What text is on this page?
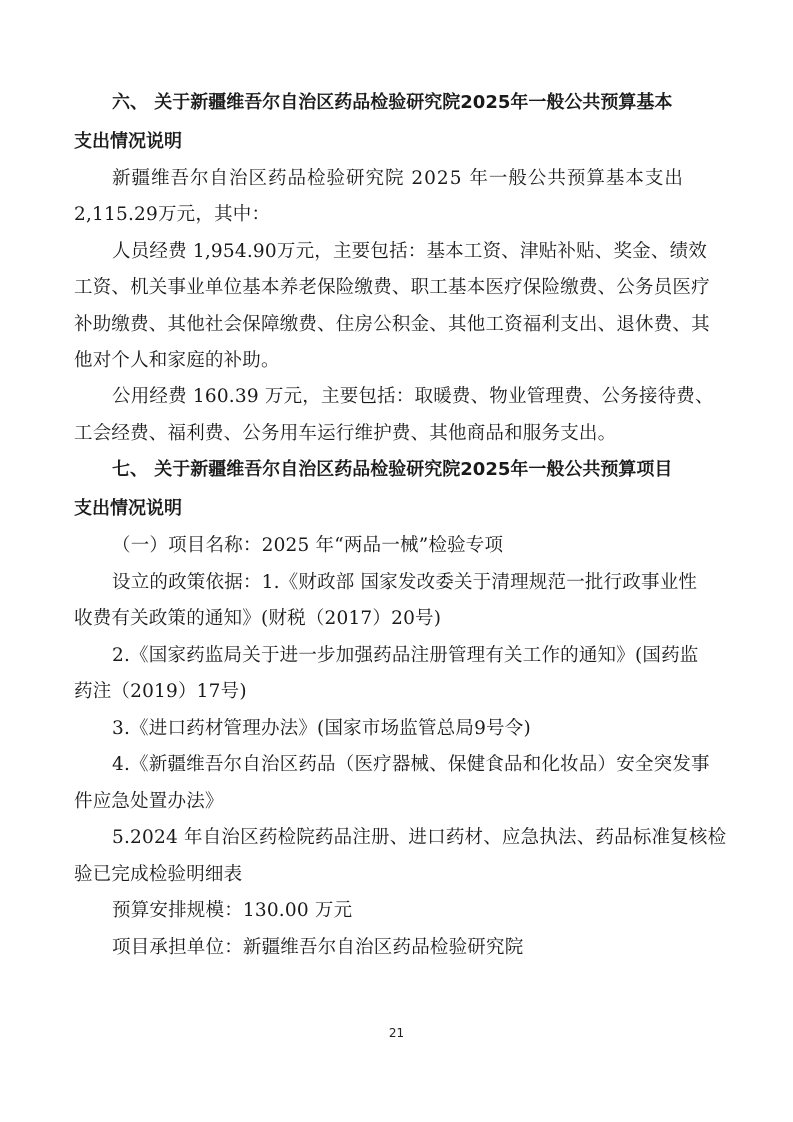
六、 关于新疆维吾尔自治区药品检验研究院2025年一般公共预算基本
支出情况说明
新疆维吾尔自治区药品检验研究院 2025 年一般公共预算基本支出
2,115.29万元，其中：
人员经费 1,954.90万元，主要包括：基本工资、津贴补贴、奖金、绩效
工资、机关事业单位基本养老保险缴费、职工基本医疗保险缴费、公务员医疗
补助缴费、其他社会保障缴费、住房公积金、其他工资福利支出、退休费、其
他对个人和家庭的补助。
公用经费 160.39 万元，主要包括：取暖费、物业管理费、公务接待费、
工会经费、福利费、公务用车运行维护费、其他商品和服务支出。
七、 关于新疆维吾尔自治区药品检验研究院2025年一般公共预算项目
支出情况说明
（一）项目名称：2025 年“两品一械”检验专项
设立的政策依据：1.《财政部 国家发改委关于清理规范一批行政事业性
收费有关政策的通知》(财税（2017）20号)
2.《国家药监局关于进一步加强药品注册管理有关工作的通知》(国药监
药注（2019）17号)
3.《进口药材管理办法》(国家市场监管总局9号令)
4.《新疆维吾尔自治区药品（医疗器械、保健食品和化妆品）安全突发事
件应急处置办法》
5.2024 年自治区药检院药品注册、进口药材、应急执法、药品标准复核检
验已完成检验明细表
预算安排规模：130.00 万元
项目承担单位：新疆维吾尔自治区药品检验研究院
21
